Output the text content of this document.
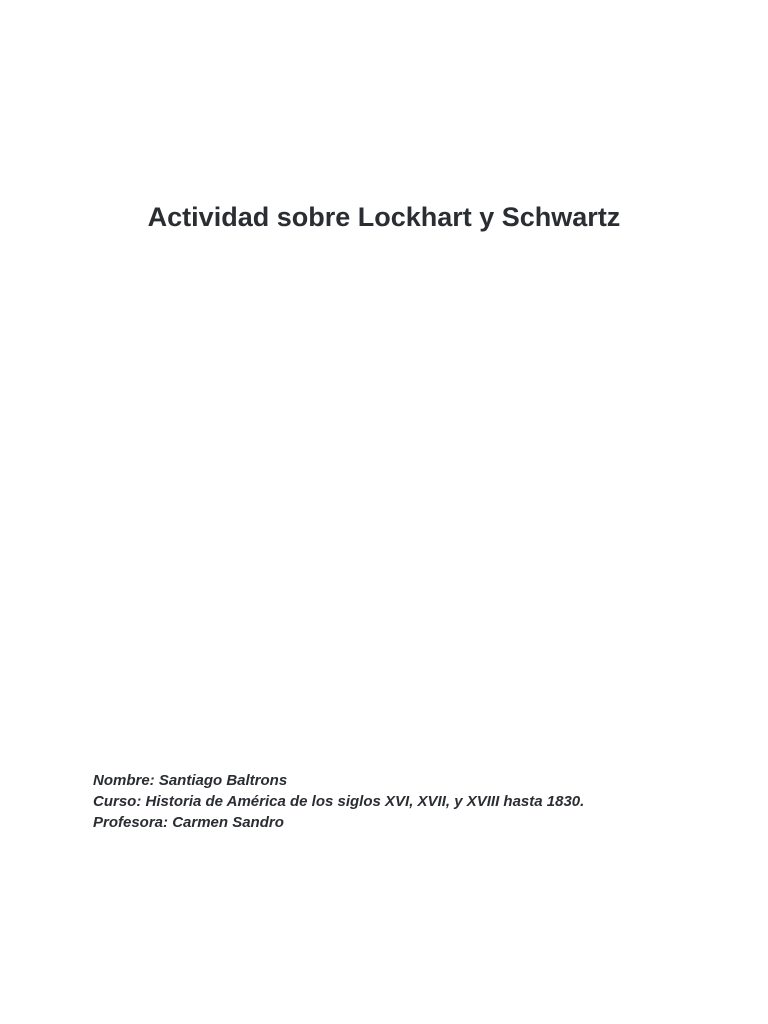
Actividad sobre Lockhart y Schwartz
Nombre: Santiago Baltrons
Curso: Historia de América de los siglos XVI, XVII, y XVIII hasta 1830.
Profesora: Carmen Sandro
